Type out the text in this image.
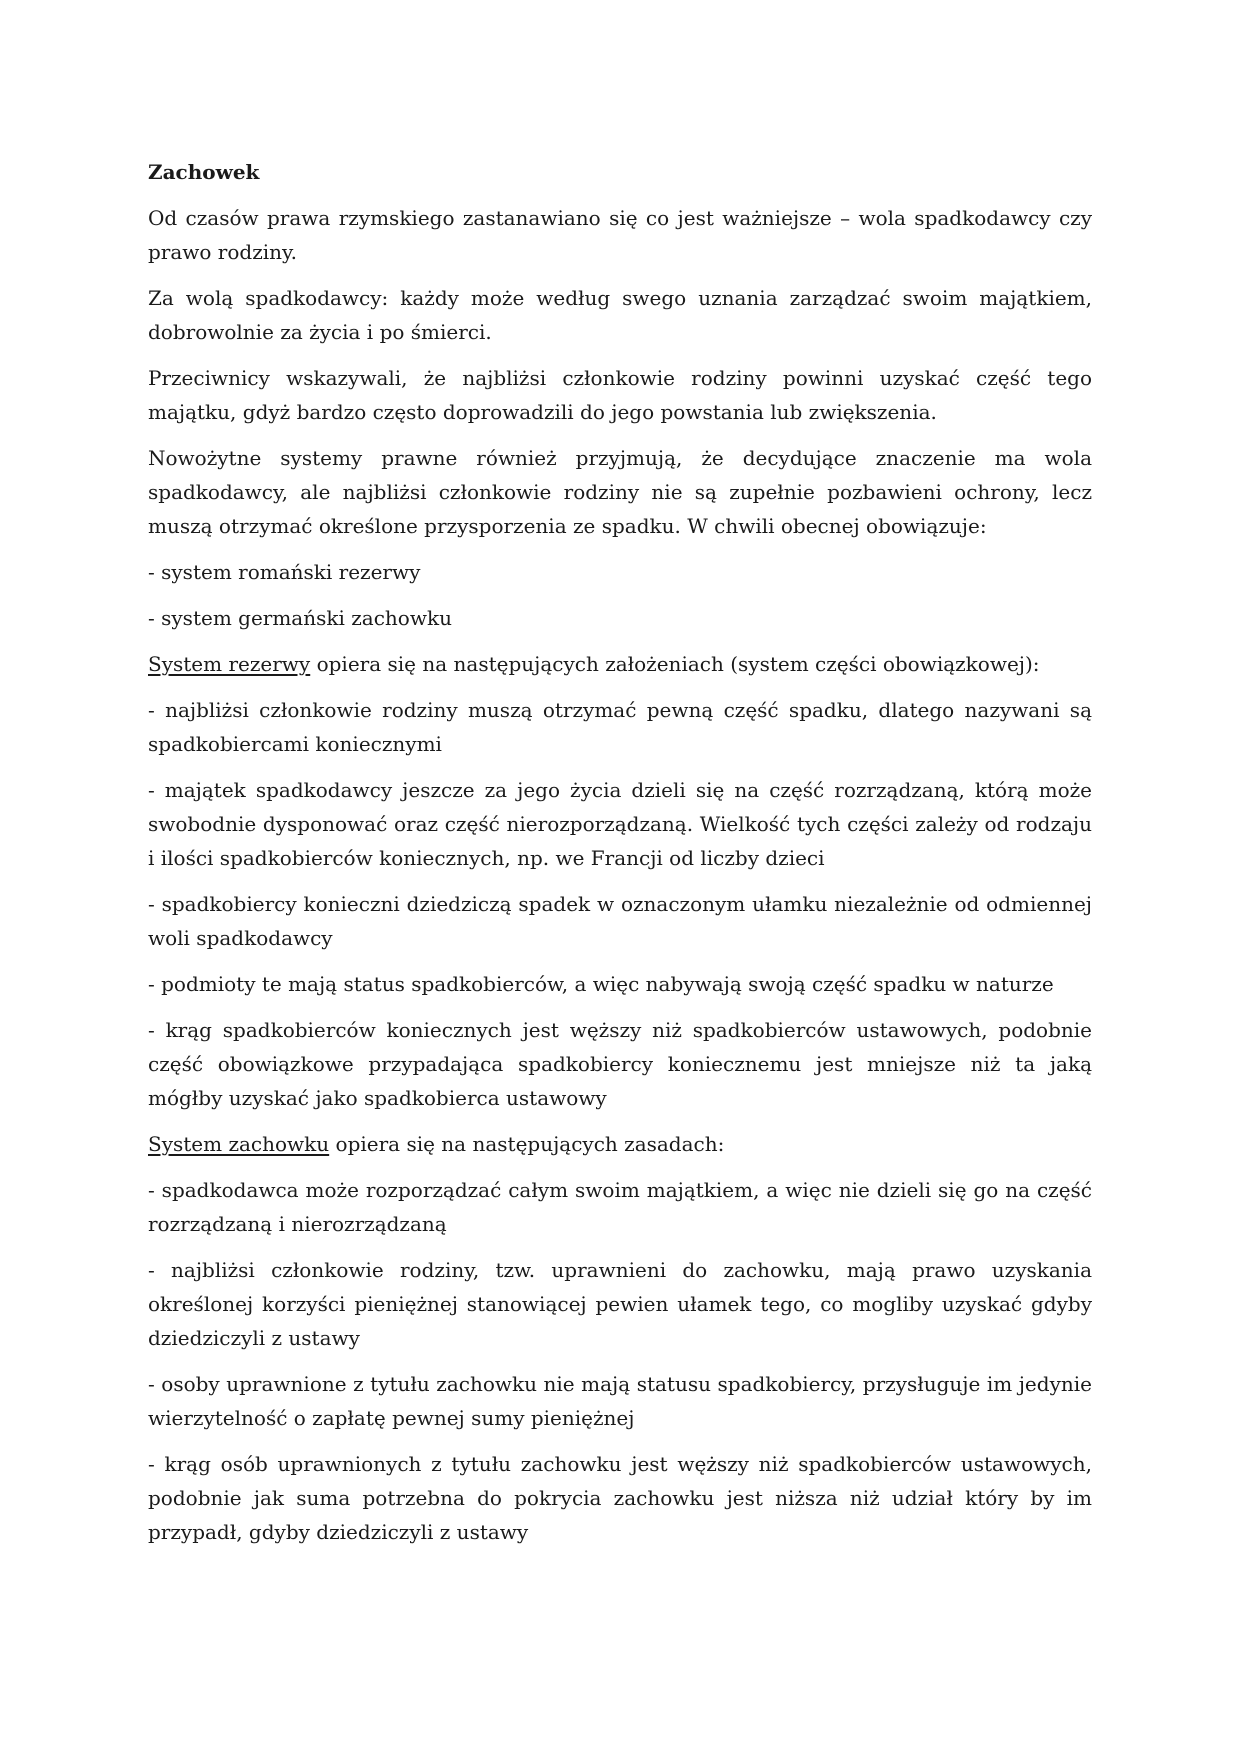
Zachowek

Od czasów prawa rzymskiego zastanawiano się co jest ważniejsze – wola spadkodawcy czy prawo rodziny.

Za wolą spadkodawcy: każdy może według swego uznania zarządzać swoim majątkiem, dobrowolnie za życia i po śmierci.

Przeciwnicy wskazywali, że najbliżsi członkowie rodziny powinni uzyskać część tego majątku, gdyż bardzo często doprowadzili do jego powstania lub zwiększenia.

Nowożytne systemy prawne również przyjmują, że decydujące znaczenie ma wola spadkodawcy, ale najbliżsi członkowie rodziny nie są zupełnie pozbawieni ochrony, lecz muszą otrzymać określone przysporzenia ze spadku. W chwili obecnej obowiązuje:

- system romański rezerwy

- system germański zachowku

System rezerwy opiera się na następujących założeniach (system części obowiązkowej):

- najbliżsi członkowie rodziny muszą otrzymać pewną część spadku, dlatego nazywani są spadkobiercami koniecznymi

- majątek spadkodawcy jeszcze za jego życia dzieli się na część rozrządzaną, którą może swobodnie dysponować oraz część nierozporządzaną. Wielkość tych części zależy od rodzaju i ilości spadkobierców koniecznych, np. we Francji od liczby dzieci

- spadkobiercy konieczni dziedziczą spadek w oznaczonym ułamku niezależnie od odmiennej woli spadkodawcy

- podmioty te mają status spadkobierców, a więc nabywają swoją część spadku w naturze

- krąg spadkobierców koniecznych jest węższy niż spadkobierców ustawowych, podobnie część obowiązkowe przypadająca spadkobiercy koniecznemu jest mniejsze niż ta jaką mógłby uzyskać jako spadkobierca ustawowy

System zachowku opiera się na następujących zasadach:

- spadkodawca może rozporządzać całym swoim majątkiem, a więc nie dzieli się go na część rozrządzaną i nierozrządzaną

- najbliżsi członkowie rodziny, tzw. uprawnieni do zachowku, mają prawo uzyskania określonej korzyści pieniężnej stanowiącej pewien ułamek tego, co mogliby uzyskać gdyby dziedziczyli z ustawy

- osoby uprawnione z tytułu zachowku nie mają statusu spadkobiercy, przysługuje im jedynie wierzytelność o zapłatę pewnej sumy pieniężnej

- krąg osób uprawnionych z tytułu zachowku jest węższy niż spadkobierców ustawowych, podobnie jak suma potrzebna do pokrycia zachowku jest niższa niż udział który by im przypadł, gdyby dziedziczyli z ustawy
